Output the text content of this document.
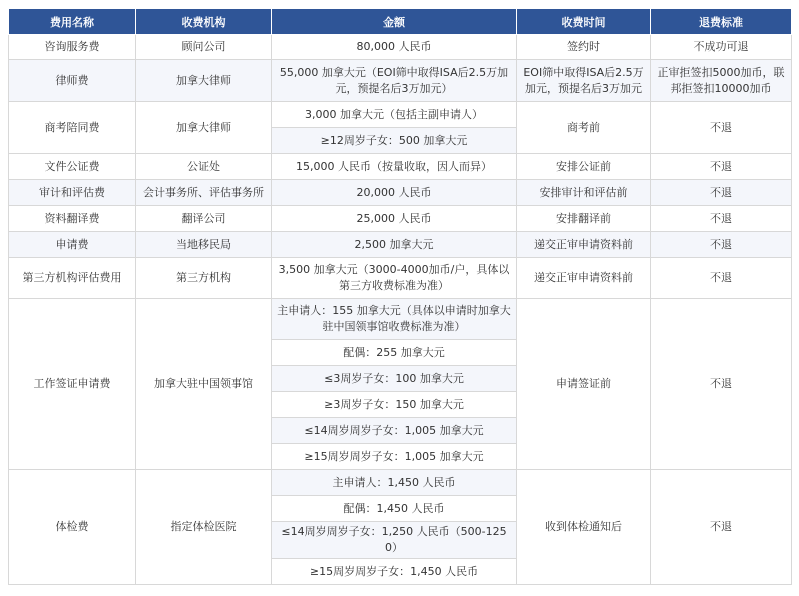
费用名称	收费机构	金额	收费时间	退费标准
咨询服务费	顾问公司	80,000 人民币	签约时	不成功可退
律师费	加拿大律师	55,000 加拿大元（EOI筛中取得ISA后2.5万加元，预提名后3万加元）	EOI筛中取得ISA后2.5万加元，预提名后3万加元	正审拒签扣5000加币，联邦拒签扣10000加币
商考陪同费	加拿大律师	3,000 加拿大元（包括主副申请人）	商考前	不退
		≥12周岁子女：500 加拿大元		
文件公证费	公证处	15,000 人民币（按量收取，因人而异）	安排公证前	不退
审计和评估费	会计事务所、评估事务所	20,000 人民币	安排审计和评估前	不退
资料翻译费	翻译公司	25,000 人民币	安排翻译前	不退
申请费	当地移民局	2,500 加拿大元	递交正审申请资料前	不退
第三方机构评估费用	第三方机构	3,500 加拿大元（3000-4000加币/户，具体以第三方收费标准为准）	递交正审申请资料前	不退
工作签证申请费	加拿大驻中国领事馆	主申请人：155 加拿大元（具体以申请时加拿大驻中国领事馆收费标准为准）	申请签证前	不退
		配偶：255 加拿大元		
		≤3周岁子女：100 加拿大元		
		≥3周岁子女：150 加拿大元		
		≤14周岁周岁子女：1,005 加拿大元		
		≥15周岁周岁子女：1,005 加拿大元		
体检费	指定体检医院	主申请人：1,450 人民币	收到体检通知后	不退
		配偶：1,450 人民币		
		≤14周岁周岁子女：1,250 人民币（500-1250）		
		≥15周岁周岁子女：1,450 人民币		
